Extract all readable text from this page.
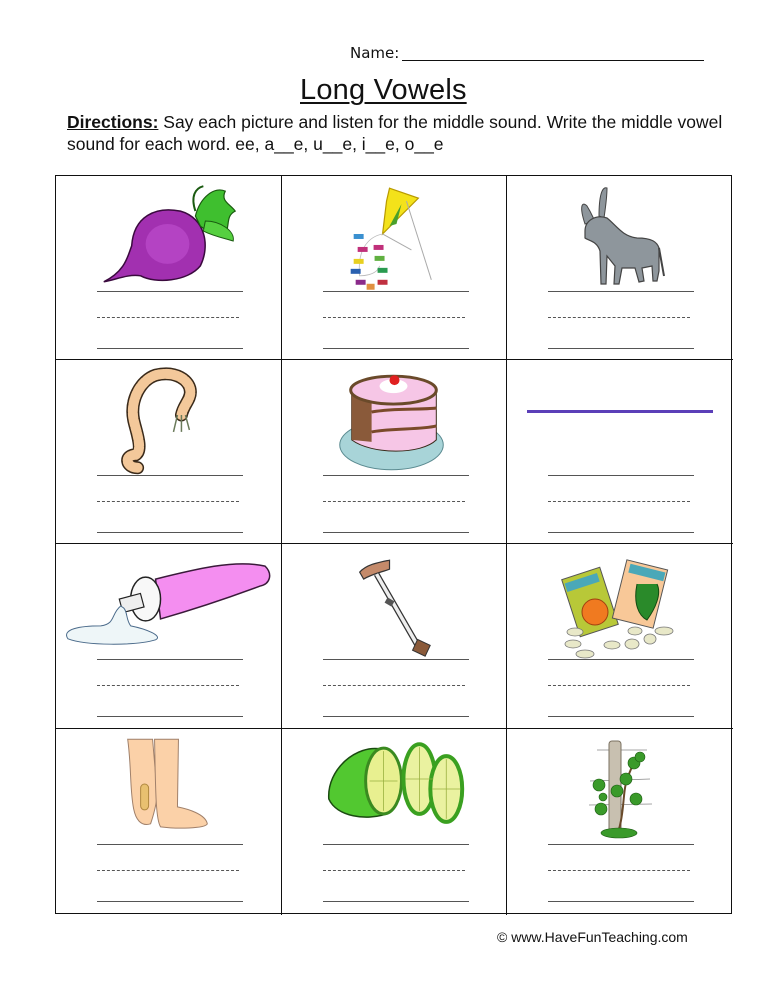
Name:
Long Vowels
Directions: Say each picture and listen for the middle sound. Write the middle vowel sound for each word. ee, a__e, u__e, i__e, o__e
© www.HaveFunTeaching.com
